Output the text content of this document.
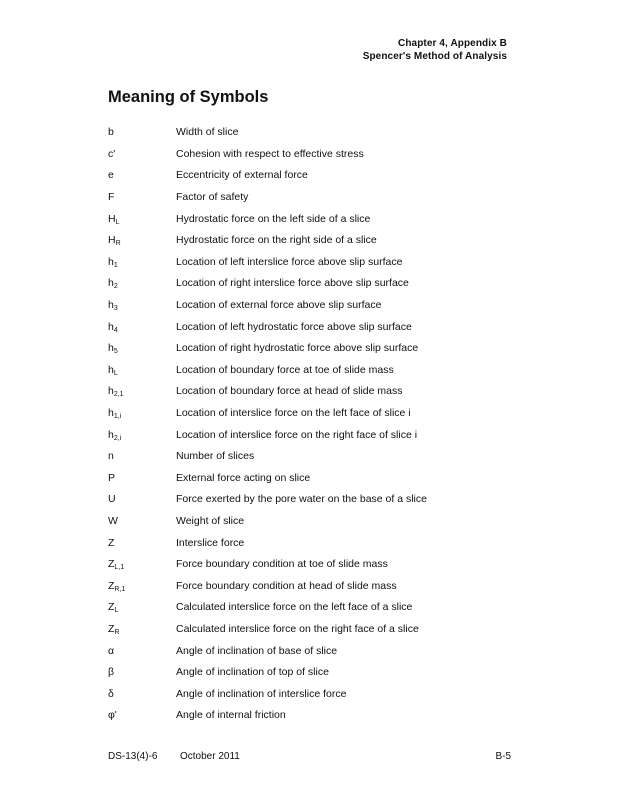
Chapter 4, Appendix B
Spencer's Method of Analysis
Meaning of Symbols
b	Width of slice
c'	Cohesion with respect to effective stress
e	Eccentricity of external force
F	Factor of safety
$H_L$	Hydrostatic force on the left side of a slice
$H_R$	Hydrostatic force on the right side of a slice
$h_1$	Location of left interslice force above slip surface
$h_2$	Location of right interslice force above slip surface
$h_3$	Location of external force above slip surface
$h_4$	Location of left hydrostatic force above slip surface
$h_5$	Location of right hydrostatic force above slip surface
$h_L$	Location of boundary force at toe of slide mass
$h_{2,1}$	Location of boundary force at head of slide mass
$h_{1,i}$	Location of interslice force on the left face of slice i
$h_{2,i}$	Location of interslice force on the right face of slice i
n	Number of slices
P	External force acting on slice
U	Force exerted by the pore water on the base of a slice
W	Weight of slice
Z	Interslice force
$Z_{L,1}$	Force boundary condition at toe of slide mass
$Z_{R,1}$	Force boundary condition at head of slide mass
$Z_L$	Calculated interslice force on the left face of a slice
$Z_R$	Calculated interslice force on the right face of a slice
α	Angle of inclination of base of slice
β	Angle of inclination of top of slice
δ	Angle of inclination of interslice force
φ'	Angle of internal friction
DS-13(4)-6 October 2011	B-5
